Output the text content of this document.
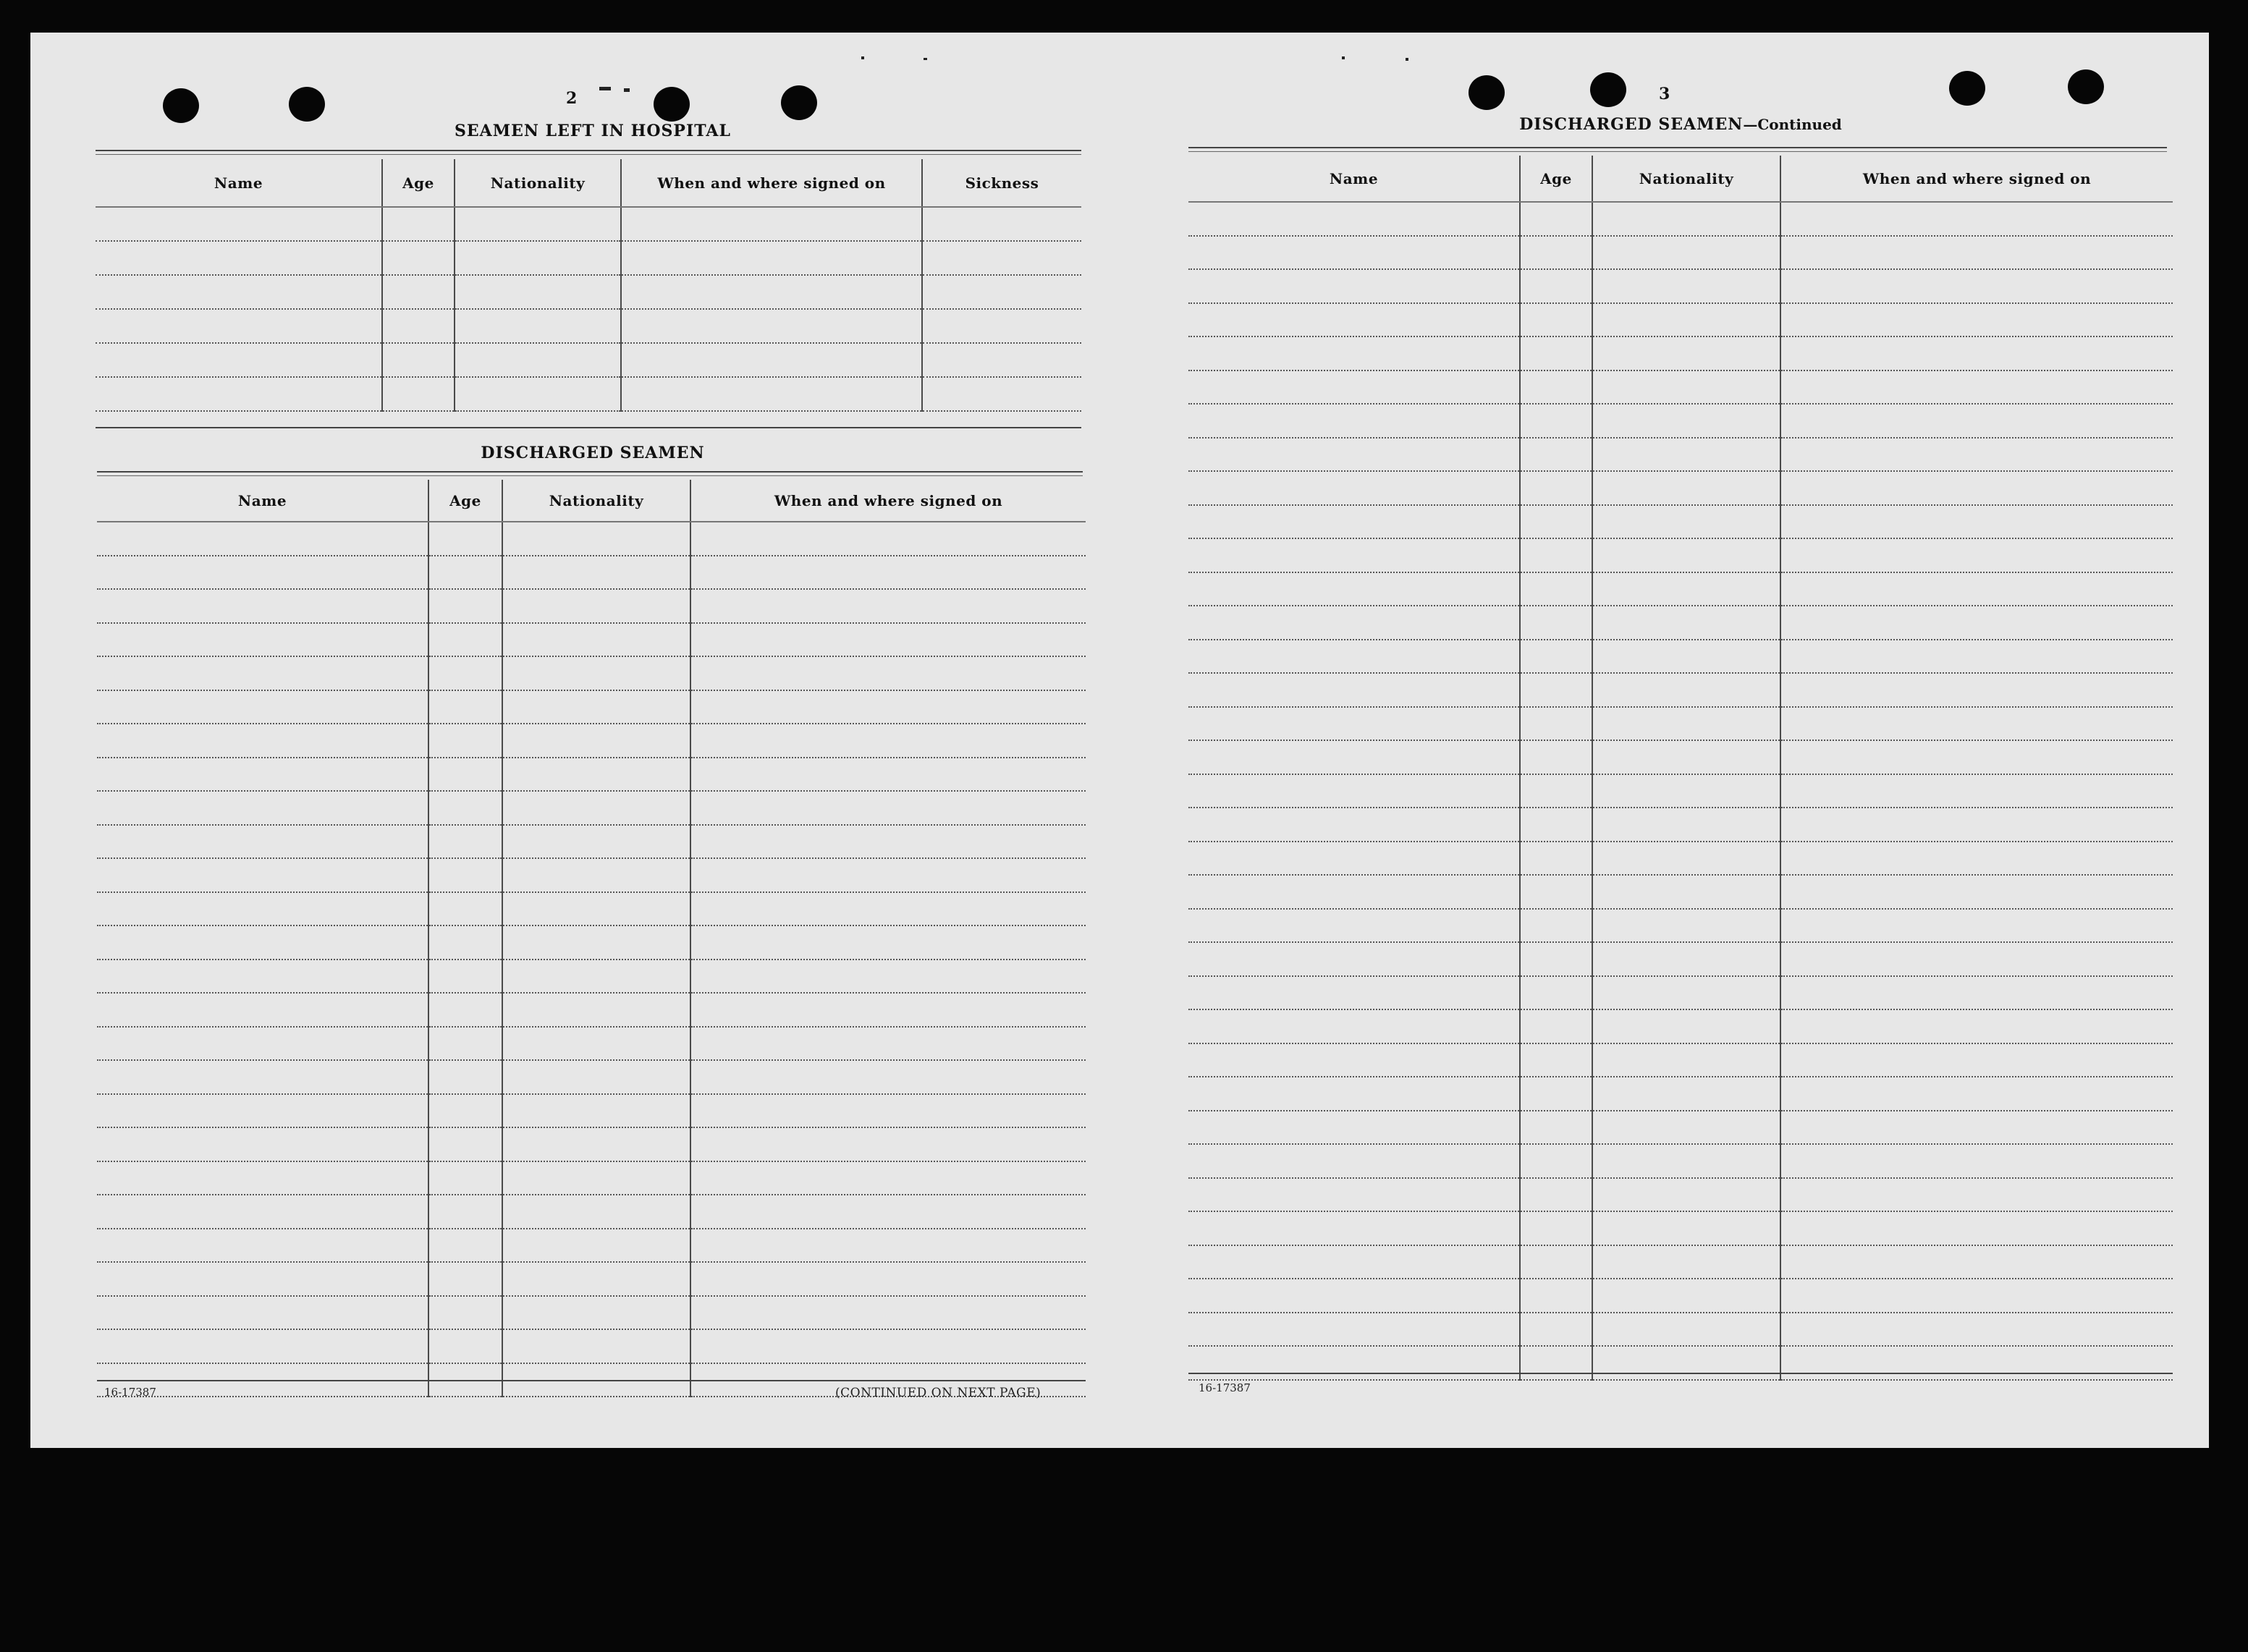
2
SEAMEN LEFT IN HOSPITAL
Name	Age	Nationality	When and where signed on	Sickness

DISCHARGED SEAMEN
Name	Age	Nationality	When and where signed on

16-17387	(CONTINUED ON NEXT PAGE)
3
DISCHARGED SEAMEN—Continued
Name	Age	Nationality	When and where signed on

16-17387
